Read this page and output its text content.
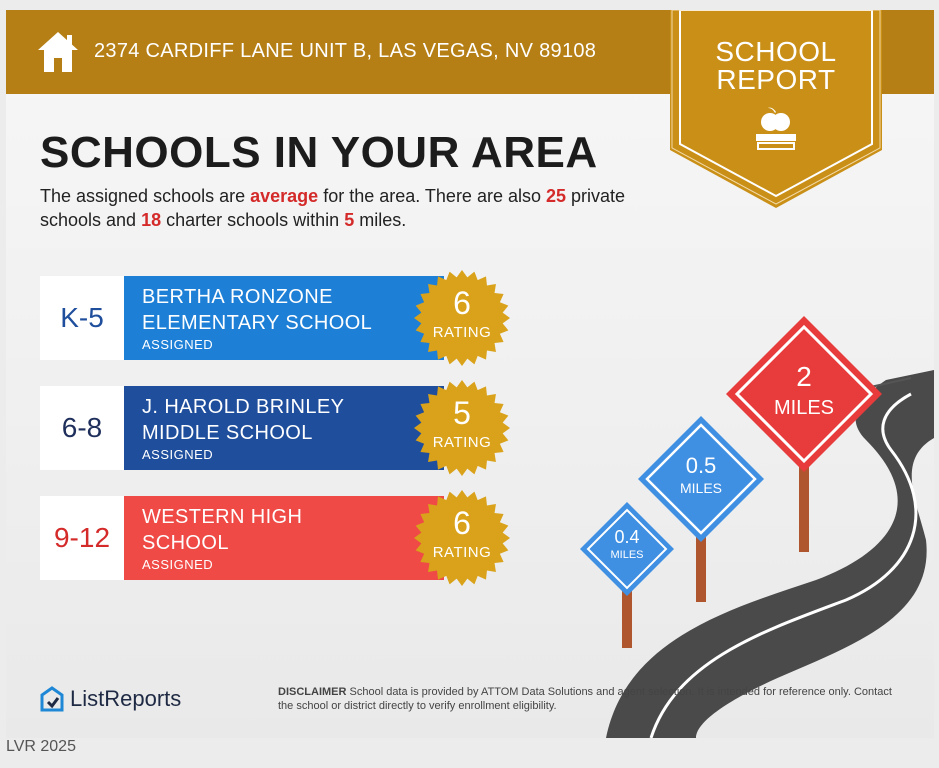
2374 CARDIFF LANE UNIT B, LAS VEGAS, NV 89108	SCHOOL
REPORT
SCHOOLS IN YOUR AREA
The assigned schools are average for the area. There are also 25 private schools and 18 charter schools within 5 miles.
K-5
BERTHA RONZONE
ELEMENTARY SCHOOL
ASSIGNED
6
RATING
6-8
J. HAROLD BRINLEY
MIDDLE SCHOOL
ASSIGNED
5
RATING
9-12
WESTERN HIGH
SCHOOL
ASSIGNED
6
RATING
0.4
MILES
0.5
MILES
2
MILES
ListReports	DISCLAIMER School data is provided by ATTOM Data Solutions and agent selection. It is intended for reference only. Contact the school or district directly to verify enrollment eligibility.
LVR 2025
